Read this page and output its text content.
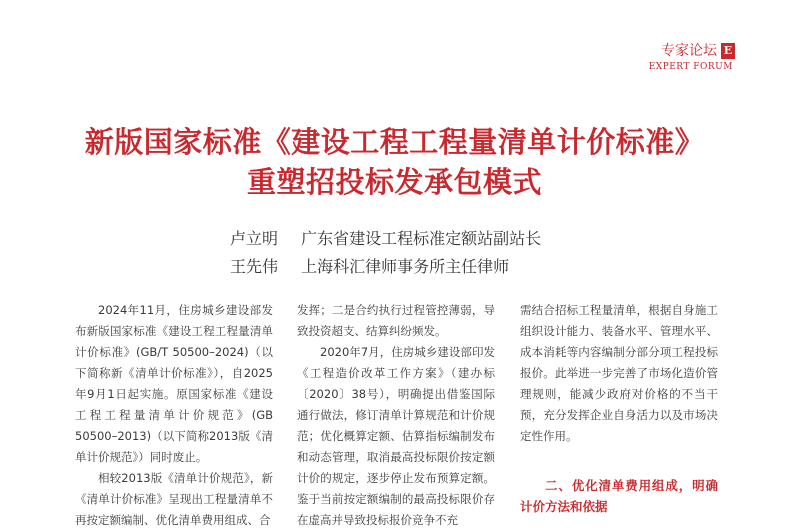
专家论坛 E
EXPERT FORUM
新版国家标准《建设工程工程量清单计价标准》
重塑招投标发承包模式
卢立明 广东省建设工程标准定额站副站长
王先伟 上海科汇律师事务所主任律师

2024年11月，住房城乡建设部发布新版国家标准《建设工程工程量清单计价标准》(GB/T 50500–2024)（以下简称新《清单计价标准》），自2025年9月1日起实施。原国家标准《建设工程工程量清单计价规范》(GB 50500–2013)（以下简称2013版《清单计价规范》）同时废止。

相较2013版《清单计价规范》，新《清单计价标准》呈现出工程量清单不再按定额编制、优化清单费用组成、合

发挥；二是合约执行过程管控薄弱，导致投资超支、结算纠纷频发。

2020年7月，住房城乡建设部印发《工程造价改革工作方案》（建办标〔2020〕38号），明确提出借鉴国际通行做法，修订清单计算规范和计价规范；优化概算定额、估算指标编制发布和动态管理，取消最高投标限价按定额计价的规定，逐步停止发布预算定额。鉴于当前按定额编制的最高投标限价存在虚高并导致投标报价竞争不充

需结合招标工程量清单，根据自身施工组织设计能力、装备水平、管理水平、成本消耗等内容编制分部分项工程投标报价。此举进一步完善了市场化造价管理规则，能减少政府对价格的不当干预，充分发挥企业自身活力以及市场决定性作用。

二、优化清单费用组成，明确计价方法和依据
